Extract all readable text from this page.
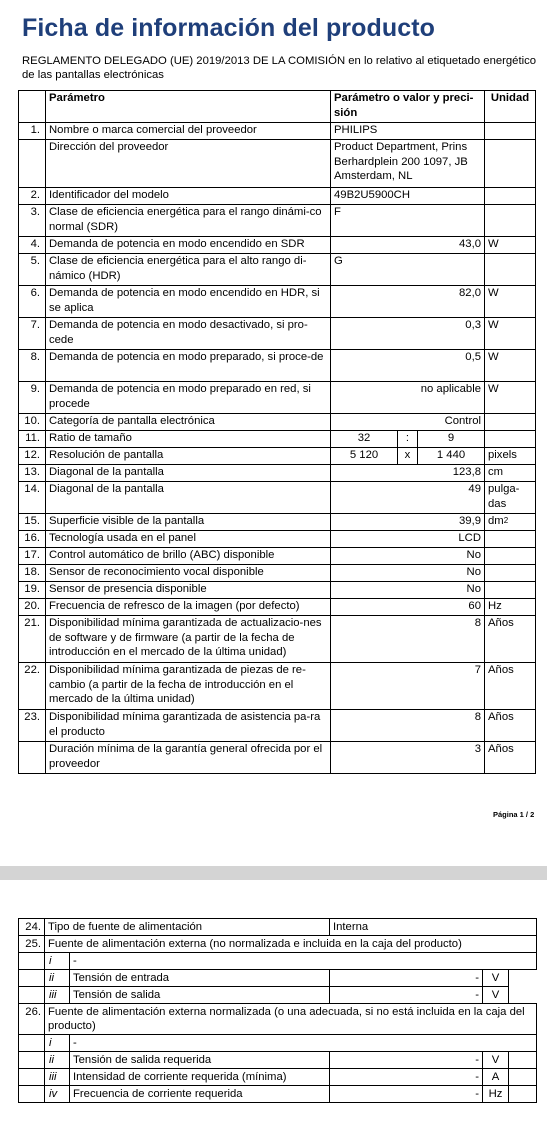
Ficha de información del producto
REGLAMENTO DELEGADO (UE) 2019/2013 DE LA COMISIÓN en lo relativo al etiquetado energético de las pantallas electrónicas
	Parámetro	Parámetro o valor y preci-sión			Unidad
1.	Nombre o marca comercial del proveedor	PHILIPS			
	Dirección del proveedor	Product Department, Prins Berhardplein 200 1097, JB Amsterdam, NL			
2.	Identificador del modelo	49B2U5900CH			
3.	Clase de eficiencia energética para el rango dinámi-co normal (SDR)	F			
4.	Demanda de potencia en modo encendido en SDR	43,0			W
5.	Clase de eficiencia energética para el alto rango di-námico (HDR)	G			
6.	Demanda de potencia en modo encendido en HDR, si se aplica	82,0			W
7.	Demanda de potencia en modo desactivado, si pro-cede	0,3			W
8.	Demanda de potencia en modo preparado, si proce-de	0,5			W
9.	Demanda de potencia en modo preparado en red, si procede	no aplicable			W
10.	Categoría de pantalla electrónica	Control			
11.	Ratio de tamaño	32	:	9	
12.	Resolución de pantalla	5 120	x	1 440	pixels
13.	Diagonal de la pantalla	123,8			cm
14.	Diagonal de la pantalla	49			pulga-das
15.	Superficie visible de la pantalla	39,9			$dm^2$
16.	Tecnología usada en el panel	LCD			
17.	Control automático de brillo (ABC) disponible	No			
18.	Sensor de reconocimiento vocal disponible	No			
19.	Sensor de presencia disponible	No			
20.	Frecuencia de refresco de la imagen (por defecto)	60			Hz
21.	Disponibilidad mínima garantizada de actualizacio-nes de software y de firmware (a partir de la fecha de introducción en el mercado de la última unidad)	8			Años
22.	Disponibilidad mínima garantizada de piezas de re-cambio (a partir de la fecha de introducción en el mercado de la última unidad)	7			Años
23.	Disponibilidad mínima garantizada de asistencia pa-ra el producto	8			Años
	Duración mínima de la garantía general ofrecida por el proveedor	3			Años
Página 1 / 2
24.	Tipo de fuente de alimentación		Interna		
25.	Fuente de alimentación externa (no normalizada e incluida en la caja del producto)				
	i	-			
	ii	Tensión de entrada	-	V	
	iii	Tensión de salida	-	V	
26.	Fuente de alimentación externa normalizada (o una adecuada, si no está incluida en la caja del producto)				
	i	-			
	ii	Tensión de salida requerida	-	V	
	iii	Intensidad de corriente requerida (mínima)	-	A	
	iv	Frecuencia de corriente requerida	-	Hz	
